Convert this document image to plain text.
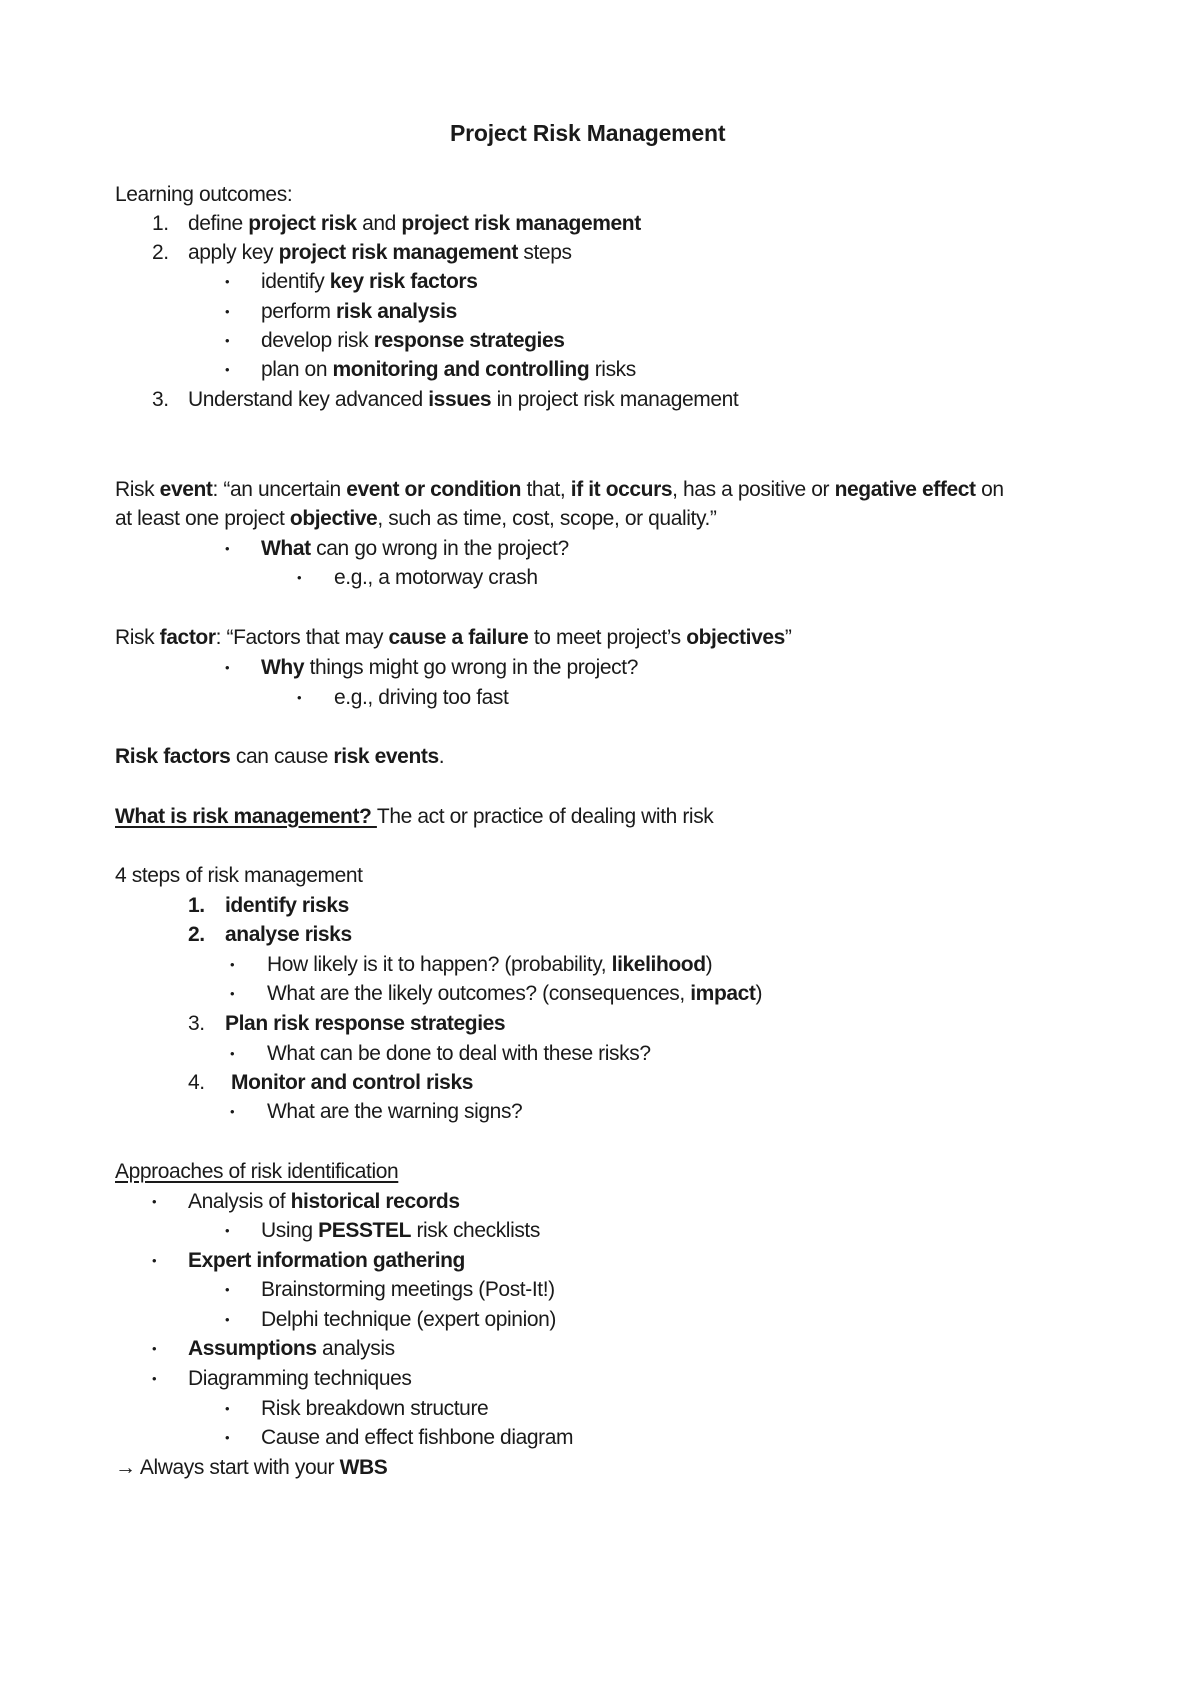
Project Risk Management
Learning outcomes:
1. define project risk and project risk management
2. apply key project risk management steps
• identify key risk factors
• perform risk analysis
• develop risk response strategies
• plan on monitoring and controlling risks
3. Understand key advanced issues in project risk management
Risk event: “an uncertain event or condition that, if it occurs, has a positive or negative effect on
at least one project objective, such as time, cost, scope, or quality.”
• What can go wrong in the project?
• e.g., a motorway crash
Risk factor: “Factors that may cause a failure to meet project’s objectives”
• Why things might go wrong in the project?
• e.g., driving too fast
Risk factors can cause risk events.
What is risk management? The act or practice of dealing with risk
4 steps of risk management
1. identify risks
2. analyse risks
• How likely is it to happen? (probability, likelihood)
• What are the likely outcomes? (consequences, impact)
3. Plan risk response strategies
• What can be done to deal with these risks?
4. Monitor and control risks
• What are the warning signs?
Approaches of risk identification
• Analysis of historical records
• Using PESSTEL risk checklists
• Expert information gathering
• Brainstorming meetings (Post-It!)
• Delphi technique (expert opinion)
• Assumptions analysis
• Diagramming techniques
• Risk breakdown structure
• Cause and effect fishbone diagram
→ Always start with your WBS
